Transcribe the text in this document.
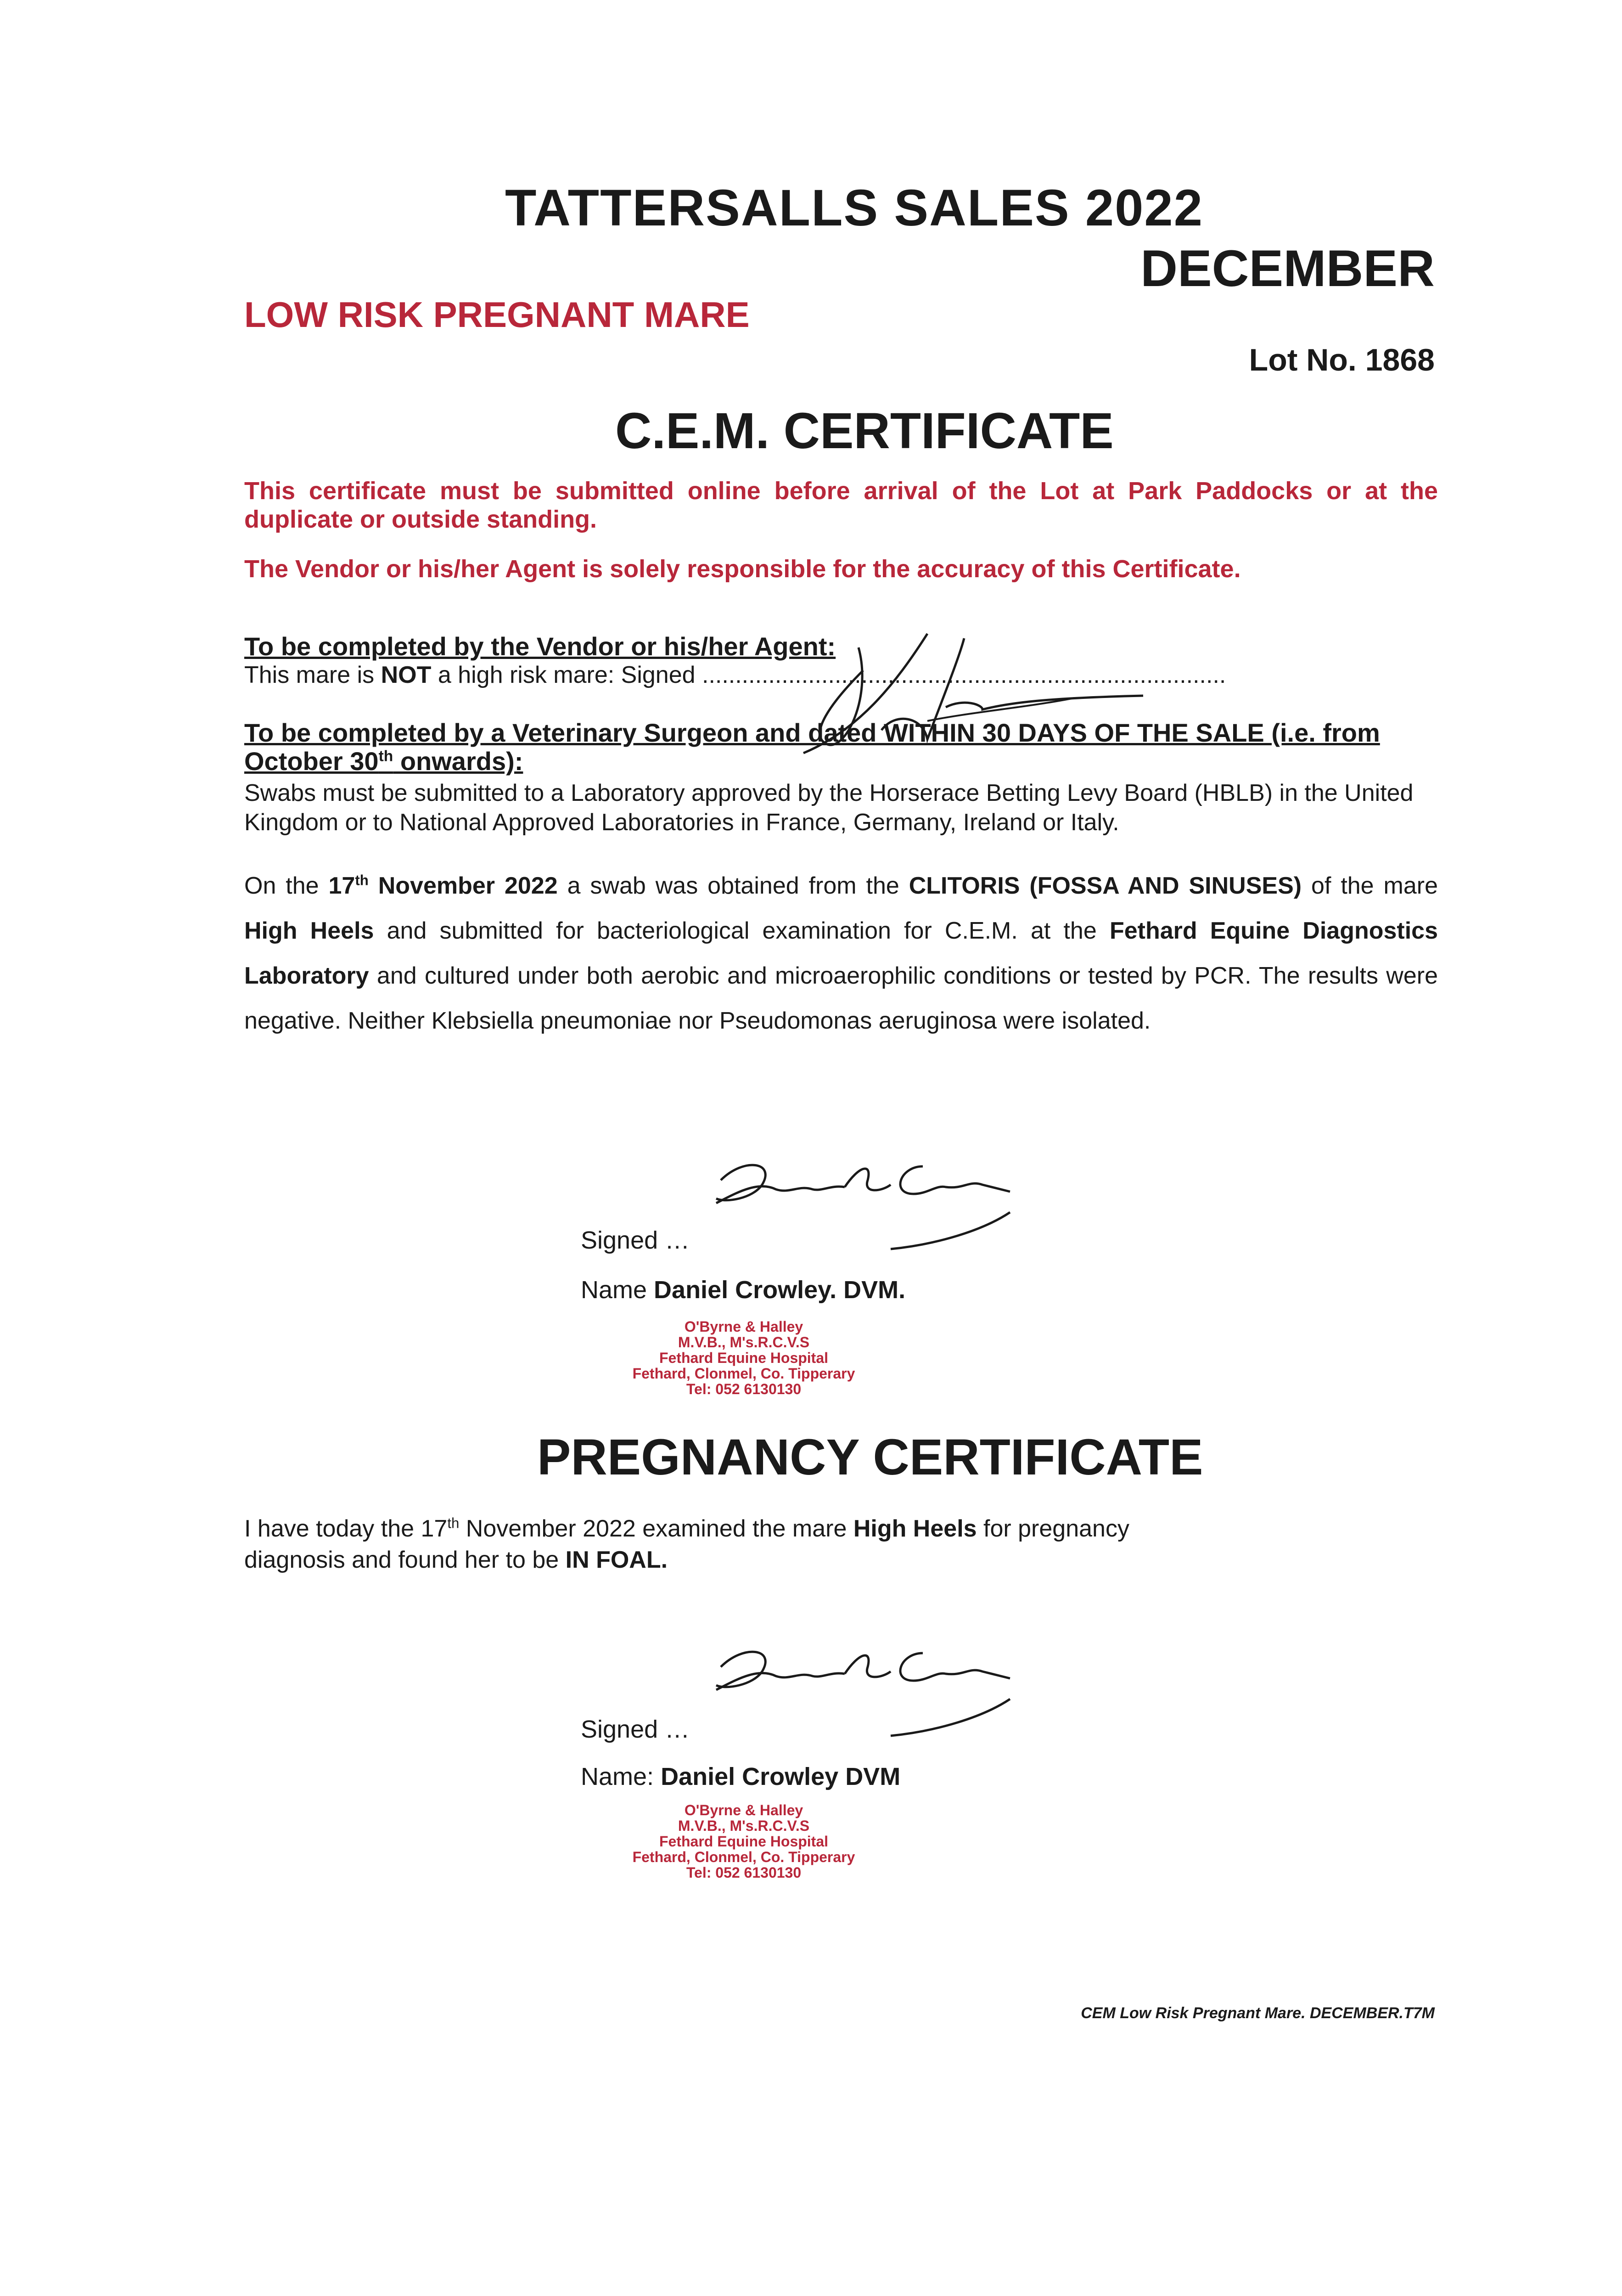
TATTERSALLS SALES 2022
DECEMBER
LOW RISK PREGNANT MARE
Lot No. 1868
C.E.M. CERTIFICATE
This certificate must be submitted online before arrival of the Lot at Park Paddocks or at the duplicate or outside standing.
The Vendor or his/her Agent is solely responsible for the accuracy of this Certificate.
To be completed by the Vendor or his/her Agent:
This mare is NOT a high risk mare: Signed ...............................................................................
To be completed by a Veterinary Surgeon and dated WITHIN 30 DAYS OF THE SALE (i.e. from October 30th onwards):
Swabs must be submitted to a Laboratory approved by the Horserace Betting Levy Board (HBLB) in the United Kingdom or to National Approved Laboratories in France, Germany, Ireland or Italy.
On the 17th November 2022 a swab was obtained from the CLITORIS (FOSSA AND SINUSES) of the mare High Heels and submitted for bacteriological examination for C.E.M. at the Fethard Equine Diagnostics Laboratory and cultured under both aerobic and microaerophilic conditions or tested by PCR. The results were negative. Neither Klebsiella pneumoniae nor Pseudomonas aeruginosa were isolated.
Signed …
Name Daniel Crowley. DVM.
O'Byrne & Halley
M.V.B., M's.R.C.V.S
Fethard Equine Hospital
Fethard, Clonmel, Co. Tipperary
Tel: 052 6130130
PREGNANCY CERTIFICATE
I have today the 17th November 2022 examined the mare High Heels for pregnancy diagnosis and found her to be IN FOAL.
Signed …
Name: Daniel Crowley DVM
O'Byrne & Halley
M.V.B., M's.R.C.V.S
Fethard Equine Hospital
Fethard, Clonmel, Co. Tipperary
Tel: 052 6130130
CEM Low Risk Pregnant Mare. DECEMBER.T7M
